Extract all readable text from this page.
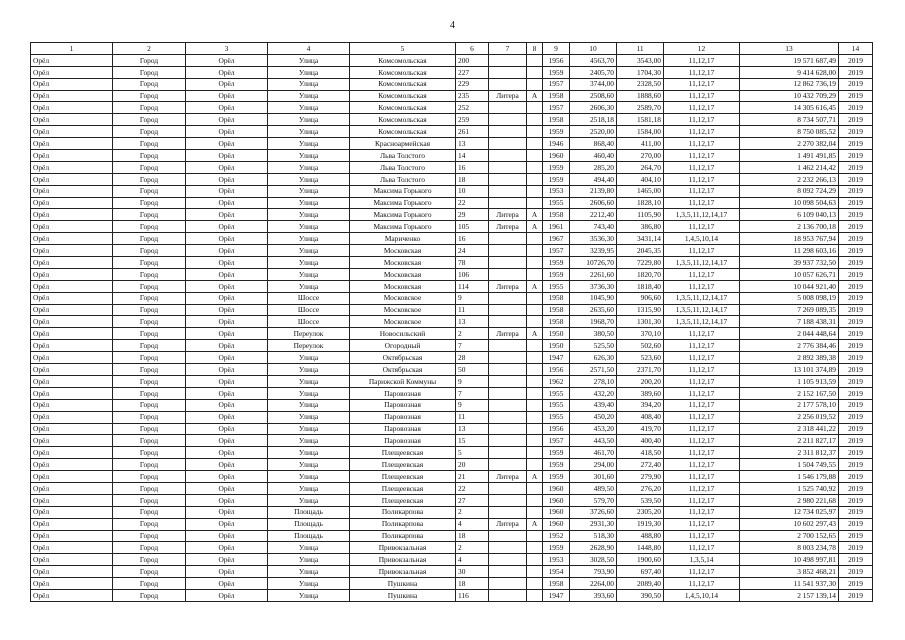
4
1	2	3	4	5	6	7	8	9	10	11	12	13	14
Орёл	Город	Орёл	Улица	Комсомольская	200			1956	4563,70	3543,00	11,12,17	19 571 687,49	2019
Орёл	Город	Орёл	Улица	Комсомольская	227			1959	2405,70	1704,30	11,12,17	9 414 628,00	2019
Орёл	Город	Орёл	Улица	Комсомольская	229			1957	3744,00	2328,50	11,12,17	12 862 736,19	2019
Орёл	Город	Орёл	Улица	Комсомольская	235	Литера	А	1958	2508,60	1888,60	11,12,17	10 432 709,29	2019
Орёл	Город	Орёл	Улица	Комсомольская	252			1957	2606,30	2589,70	11,12,17	14 305 616,45	2019
Орёл	Город	Орёл	Улица	Комсомольская	259			1958	2518,18	1581,18	11,12,17	8 734 507,71	2019
Орёл	Город	Орёл	Улица	Комсомольская	261			1959	2520,00	1584,00	11,12,17	8 750 085,52	2019
Орёл	Город	Орёл	Улица	Красноармейская	13			1946	868,40	411,00	11,12,17	2 270 382,04	2019
Орёл	Город	Орёл	Улица	Льва Толстого	14			1960	460,40	270,00	11,12,17	1 491 491,85	2019
Орёл	Город	Орёл	Улица	Льва Толстого	16			1959	285,20	264,70	11,12,17	1 462 214,42	2019
Орёл	Город	Орёл	Улица	Льва Толстого	18			1959	494,40	404,10	11,12,17	2 232 266,13	2019
Орёл	Город	Орёл	Улица	Максима Горького	10			1953	2139,80	1465,00	11,12,17	8 092 724,29	2019
Орёл	Город	Орёл	Улица	Максима Горького	22			1955	2606,60	1828,10	11,12,17	10 098 504,63	2019
Орёл	Город	Орёл	Улица	Максима Горького	29	Литера	А	1958	2212,40	1105,90	1,3,5,11,12,14,17	6 109 040,13	2019
Орёл	Город	Орёл	Улица	Максима Горького	105	Литера	А	1961	743,40	386,80	11,12,17	2 136 700,18	2019
Орёл	Город	Орёл	Улица	Мариченко	16			1967	3536,30	3431,14	1,4,5,10,14	18 953 767,94	2019
Орёл	Город	Орёл	Улица	Московская	24			1957	3239,95	2045,35	11,12,17	11 298 603,16	2019
Орёл	Город	Орёл	Улица	Московская	78			1959	10726,70	7229,80	1,3,5,11,12,14,17	39 937 732,50	2019
Орёл	Город	Орёл	Улица	Московская	106			1959	2261,60	1820,70	11,12,17	10 057 626,71	2019
Орёл	Город	Орёл	Улица	Московская	114	Литера	А	1955	3736,30	1818,40	11,12,17	10 044 921,40	2019
Орёл	Город	Орёл	Шоссе	Московское	9			1958	1045,90	906,60	1,3,5,11,12,14,17	5 008 098,19	2019
Орёл	Город	Орёл	Шоссе	Московское	11			1958	2635,60	1315,90	1,3,5,11,12,14,17	7 269 089,35	2019
Орёл	Город	Орёл	Шоссе	Московское	13			1958	1968,70	1301,30	1,3,5,11,12,14,17	7 188 438,31	2019
Орёл	Город	Орёл	Переулок	Новосильский	2	Литера	А	1950	380,50	370,10	11,12,17	2 044 448,64	2019
Орёл	Город	Орёл	Переулок	Огородный	7			1950	525,50	502,60	11,12,17	2 776 384,46	2019
Орёл	Город	Орёл	Улица	Октябрьская	28			1947	626,30	523,60	11,12,17	2 892 389,38	2019
Орёл	Город	Орёл	Улица	Октябрьская	50			1956	2571,50	2371,70	11,12,17	13 101 374,89	2019
Орёл	Город	Орёл	Улица	Парижской Коммуны	9			1962	278,10	200,20	11,12,17	1 105 913,59	2019
Орёл	Город	Орёл	Улица	Паровозная	7			1955	432,20	389,60	11,12,17	2 152 167,50	2019
Орёл	Город	Орёл	Улица	Паровозная	9			1955	439,40	394,20	11,12,17	2 177 578,10	2019
Орёл	Город	Орёл	Улица	Паровозная	11			1955	450,20	408,40	11,12,17	2 256 019,52	2019
Орёл	Город	Орёл	Улица	Паровозная	13			1956	453,20	419,70	11,12,17	2 318 441,22	2019
Орёл	Город	Орёл	Улица	Паровозная	15			1957	443,50	400,40	11,12,17	2 211 827,17	2019
Орёл	Город	Орёл	Улица	Плещеевская	5			1959	461,70	418,50	11,12,17	2 311 812,37	2019
Орёл	Город	Орёл	Улица	Плещеевская	20			1959	294,00	272,40	11,12,17	1 504 749,55	2019
Орёл	Город	Орёл	Улица	Плещеевская	21	Литера	А	1959	301,60	279,90	11,12,17	1 546 179,88	2019
Орёл	Город	Орёл	Улица	Плещеевская	22			1960	489,50	276,20	11,12,17	1 525 740,92	2019
Орёл	Город	Орёл	Улица	Плещеевская	27			1960	579,70	539,50	11,12,17	2 980 221,68	2019
Орёл	Город	Орёл	Площадь	Поликарпова	2			1960	3726,60	2305,20	11,12,17	12 734 025,97	2019
Орёл	Город	Орёл	Площадь	Поликарпова	4	Литера	А	1960	2931,30	1919,30	11,12,17	10 602 297,43	2019
Орёл	Город	Орёл	Площадь	Поликарпова	18			1952	518,30	488,80	11,12,17	2 700 152,65	2019
Орёл	Город	Орёл	Улица	Привокзальная	2			1959	2628,90	1448,80	11,12,17	8 003 234,78	2019
Орёл	Город	Орёл	Улица	Привокзальная	4			1953	3028,50	1900,60	1,3,5,14	10 498 997,81	2019
Орёл	Город	Орёл	Улица	Привокзальная	30			1954	793,90	697,40	11,12,17	3 852 468,21	2019
Орёл	Город	Орёл	Улица	Пушкина	18			1958	2264,00	2089,40	11,12,17	11 541 937,30	2019
Орёл	Город	Орёл	Улица	Пушкина	116			1947	393,60	390,50	1,4,5,10,14	2 157 139,14	2019
